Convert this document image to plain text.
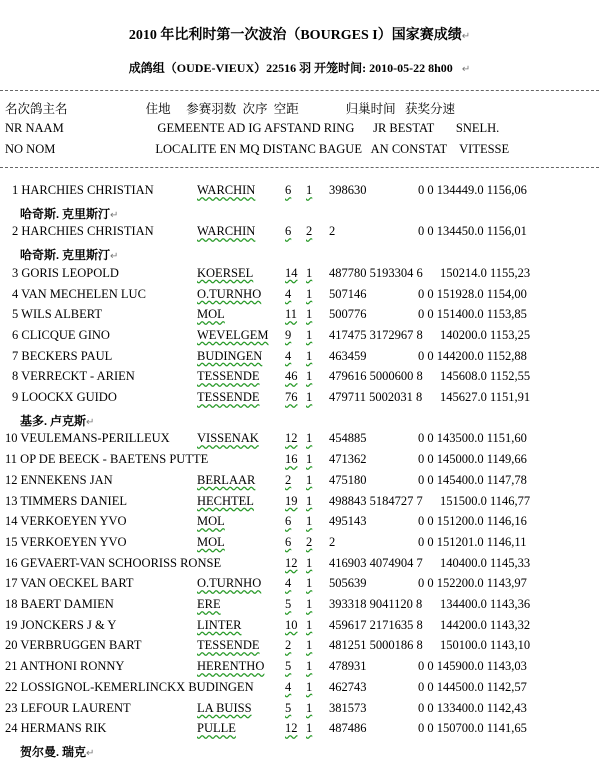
2010 年比利时第一次波治（BOURGES I）国家赛成绩↵
成鸽组（OUDE-VIEUX）22516 羽 开笼时间: 2010-05-22 8h00 ↵
名次鸽主名                         住地     参赛羽数  次序  空距               归巢时间   获奖分速
NR NAAM                              GEMEENTE AD IG AFSTAND RING      JR BESTAT       SNELH.
NO NOM                                LOCALITE EN MQ DISTANC BAGUE   AN CONSTAT    VITESSE
1 HARCHIES CHRISTIAN	WARCHIN 6 1 398630	0 0 134449.0 1156,06
哈奇斯. 克里斯汀↵
2 HARCHIES CHRISTIAN	WARCHIN 6 2 2	0 0 134450.0 1156,01
哈奇斯. 克里斯汀↵
3 GORIS LEOPOLD	KOERSEL	14 1 487780 5193304 6 150214.0 1155,23
4 VAN MECHELEN LUC	O.TURNHO 4 1 507146	0 0 151928.0 1154,00
5 WILS ALBERT	MOL	11 1 500776	0 0 151400.0 1153,85
6 CLICQUE GINO	WEVELGEM 9 1 417475 3172967 8 140200.0 1153,25
7 BECKERS PAUL	BUDINGEN 4 1 463459	0 0 144200.0 1152,88
8 VERRECKT - ARIEN	TESSENDE 46 1 479616 5000600 8 145608.0 1152,55
9 LOOCKX GUIDO	TESSENDE 76 1 479711 5002031 8 145627.0 1151,91
基多. 卢克斯↵
10 VEULEMANS-PERILLEUX VISSENAK 12 1 454885	0 0 143500.0 1151,60
11 OP DE BEECK - BAETENS PUTTE	16 1 471362	0 0 145000.0 1149,66
12 ENNEKENS JAN	BERLAAR 2 1 475180	0 0 145400.0 1147,78
13 TIMMERS DANIEL	HECHTEL 19 1 498843 5184727 7 151500.0 1146,77
14 VERKOEYEN YVO	MOL	6 1 495143	0 0 151200.0 1146,16
15 VERKOEYEN YVO	MOL	6 2 2	0 0 151201.0 1146,11
16 GEVAERT-VAN SCHOORISS RONSE	12 1 416903 4074904 7 140400.0 1145,33
17 VAN OECKEL BART	O.TURNHO 4 1 505639	0 0 152200.0 1143,97
18 BAERT DAMIEN	ERE	5 1 393318 9041120 8 134400.0 1143,36
19 JONCKERS J & Y	LINTER	10 1 459617 2171635 8 144200.0 1143,32
20 VERBRUGGEN BART	TESSENDE 2 1 481251 5000186 8 150100.0 1143,10
21 ANTHONI RONNY	HERENTHO 5 1 478931	0 0 145900.0 1143,03
22 LOSSIGNOL-KEMERLINCKX BUDINGEN	4 1 462743	0 0 144500.0 1142,57
23 LEFOUR LAURENT	LA BUISS	5 1 381573	0 0 133400.0 1142,43
24 HERMANS RIK	PULLE	12 1 487486	0 0 150700.0 1141,65
贺尔曼. 瑞克↵
